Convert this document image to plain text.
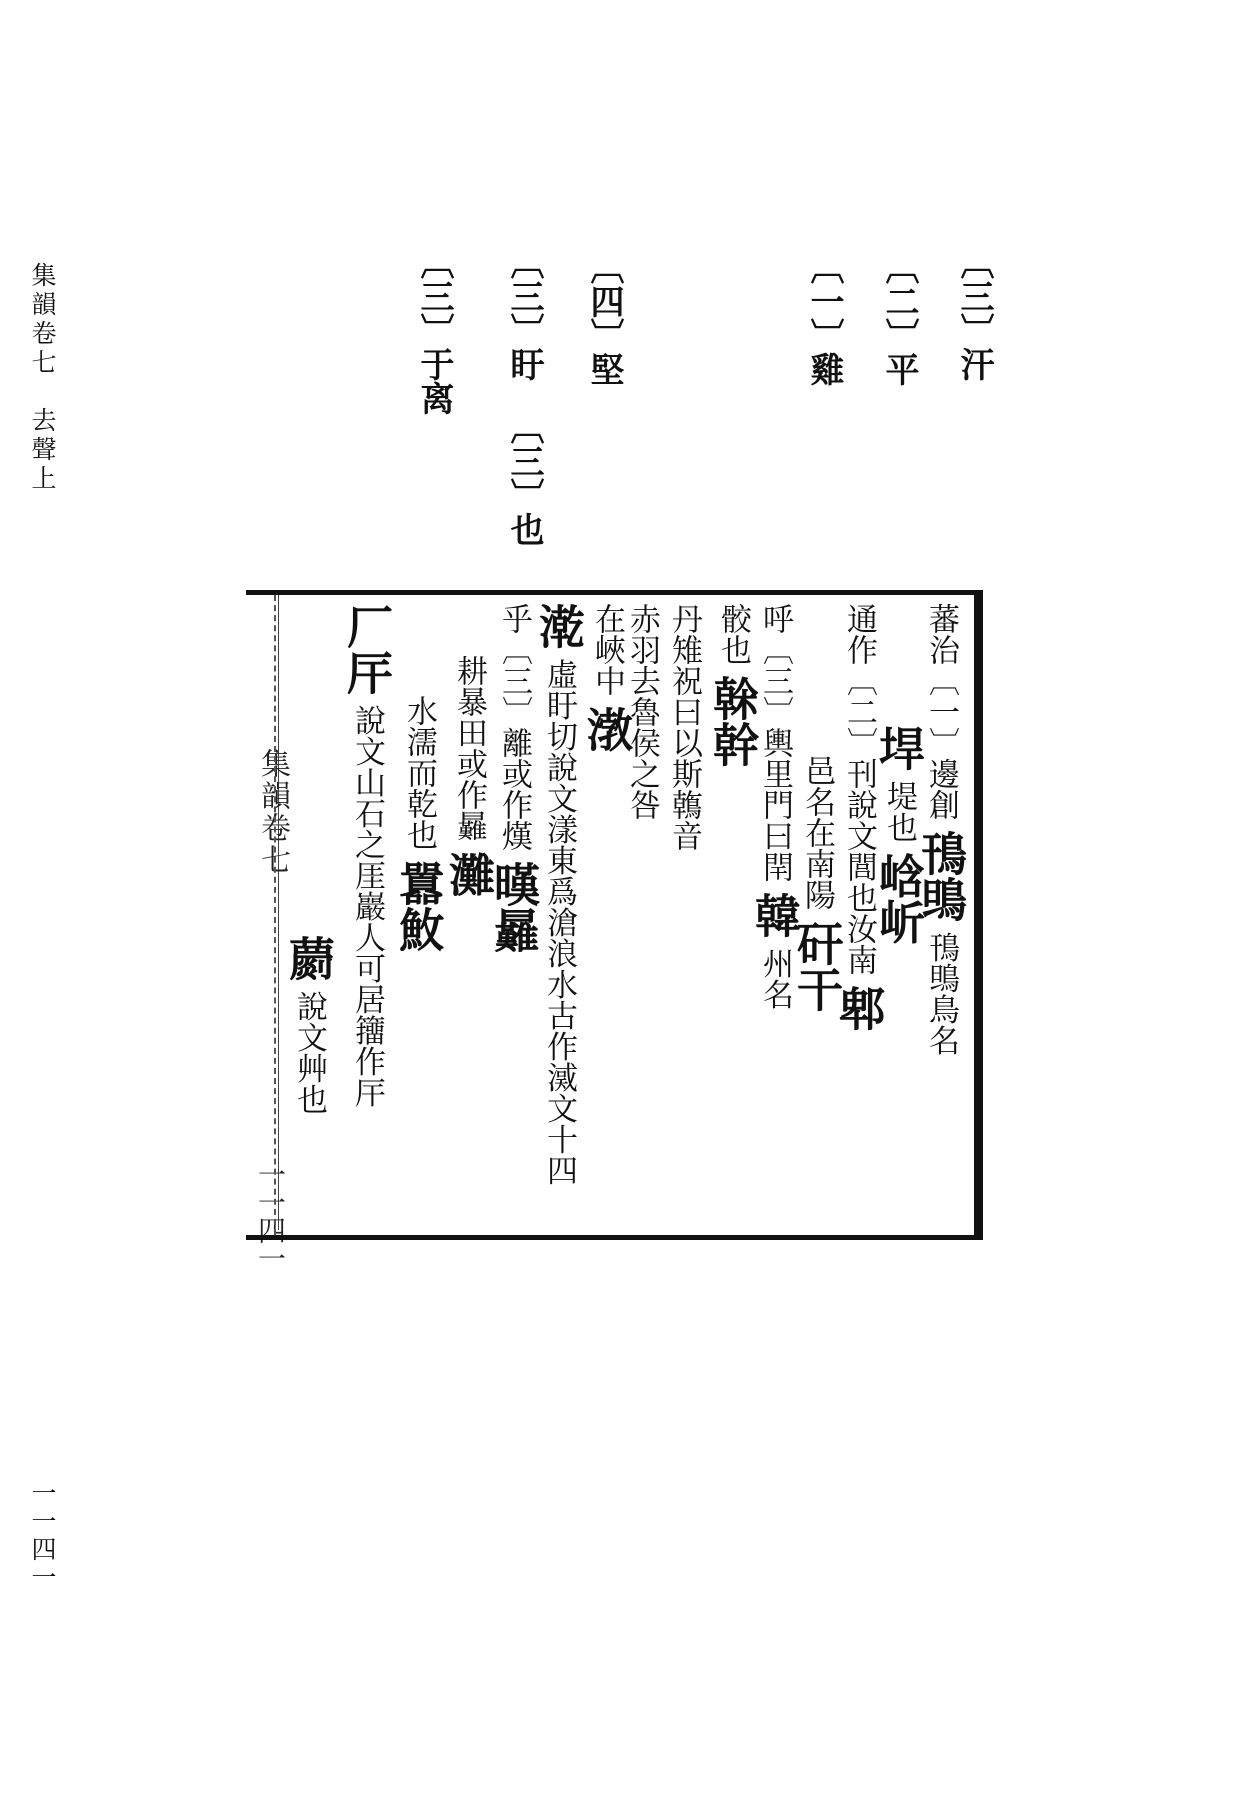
集韻卷七　去聲上
一一四一
〔三〕汗
〔二〕平
〔一〕雞
〔四〕堅
〔三〕盱
〔三〕也
〔三〕于离
集韻卷七
一一四一
蕃治〔一〕邊創 鳱鴠 鳱鴠鳥名
垾 堤也 㟏岓
通作〔二〕刊說文閭也汝南 郫
邑名在南陽 矸干
呼〔三〕輿里門曰閈 韓 州名
骹也 榦幹
丹雉祝曰以斯鶾音
赤羽去魯侯之咎
在峽中 㴾
漧 虛盱切說文漾東爲滄浪水古作㵄文十四
乎〔三〕離或作熯 暵㬮
耕暴田或作㬮 灘
水濡而乾也 囂䰻
厂厈 說文山石之厓巖人可居籒作厈
蘮 說文艸也
